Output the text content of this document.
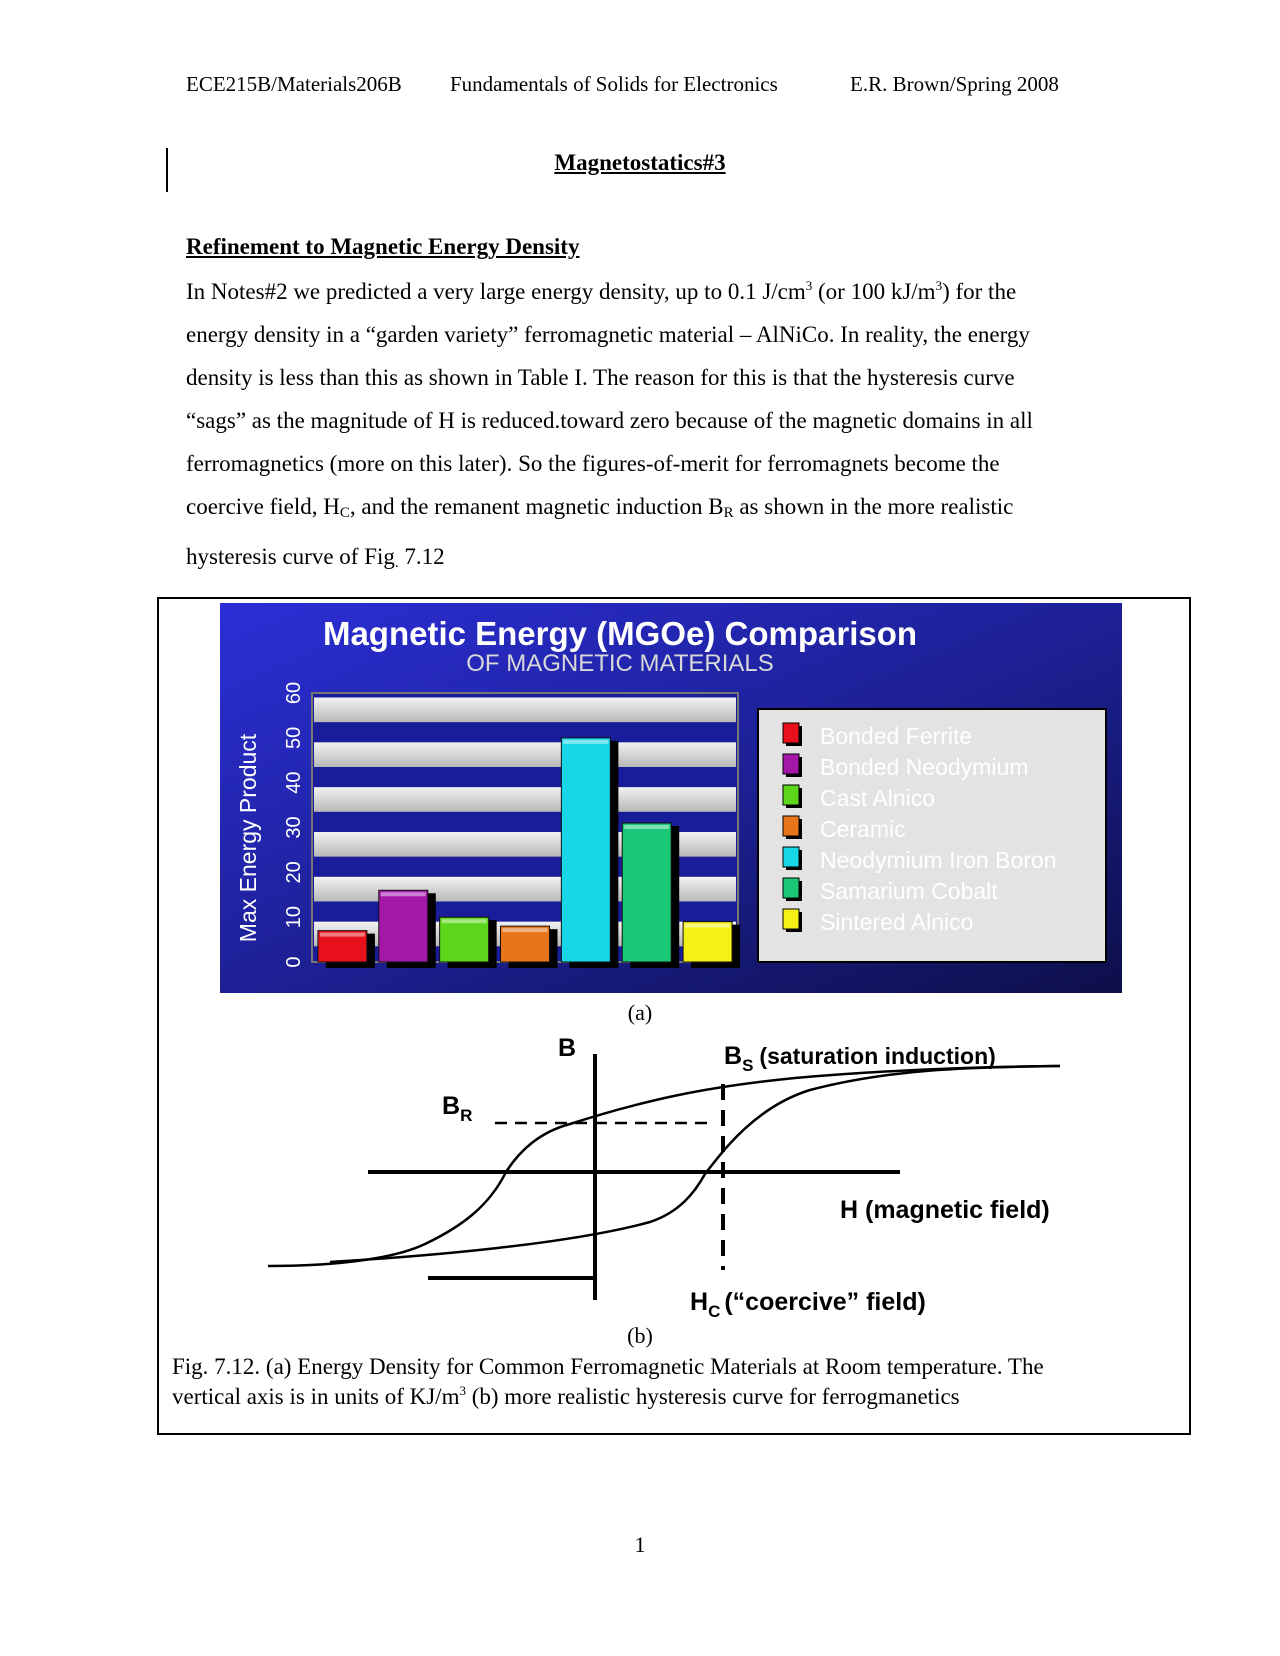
ECE215B/Materials206B Fundamentals of Solids for Electronics	E.R. Brown/Spring 2008
Magnetostatics#3
Refinement to Magnetic Energy Density

In Notes#2 we predicted a very large energy density, up to 0.1 $J/cm^3$ (or 100 $kJ/m^3$) for the

energy density in a “garden variety” ferromagnetic material – AlNiCo. In reality, the energy

density is less than this as shown in Table I. The reason for this is that the hysteresis curve

“sags” as the magnitude of H is reduced.toward zero because of the magnetic domains in all

ferromagnetics (more on this later). So the figures-of-merit for ferromagnets become the

coercive field, $H_C$, and the remanent magnetic induction $B_R$ as shown in the more realistic

hysteresis curve of Fig$_.$ 7.12

Magnetic Energy (MGOe) Comparison
OF MAGNETIC MATERIALS
0
10
20
30
40
50
60
Max Energy Product	Bonded Ferrite
Bonded Neodymium
Cast Alnico
Ceramic
Neodymium Iron Boron
Samarium Cobalt
Sintered Alnico
(a)
B
$B_R$
$B_S$ (saturation induction)
H (magnetic field)
$H_C$ (“coercive” field)
(b)

Fig. 7.12. (a) Energy Density for Common Ferromagnetic Materials at Room temperature. The

vertical axis is in units of $KJ/m^3$ (b) more realistic hysteresis curve for ferrogmanetics

1
